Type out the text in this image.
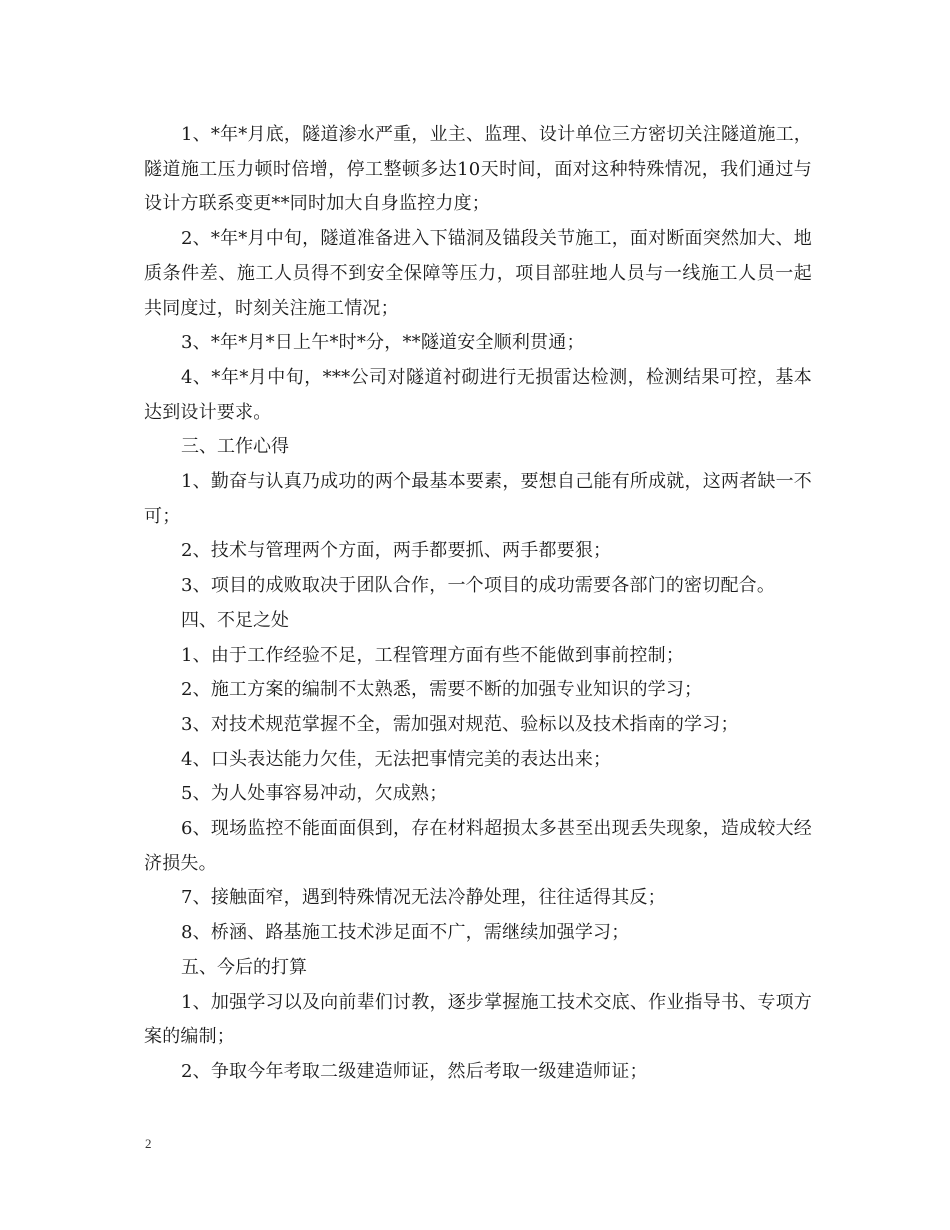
1、*年*月底，隧道渗水严重，业主、监理、设计单位三方密切关注隧道施工，隧道施工压力顿时倍增，停工整顿多达10天时间，面对这种特殊情况，我们通过与设计方联系变更**同时加大自身监控力度；

2、*年*月中旬，隧道准备进入下锚洞及锚段关节施工，面对断面突然加大、地质条件差、施工人员得不到安全保障等压力，项目部驻地人员与一线施工人员一起共同度过，时刻关注施工情况；

3、*年*月*日上午*时*分，**隧道安全顺利贯通；

4、*年*月中旬，***公司对隧道衬砌进行无损雷达检测，检测结果可控，基本达到设计要求。

三、工作心得

1、勤奋与认真乃成功的两个最基本要素，要想自己能有所成就，这两者缺一不可；

2、技术与管理两个方面，两手都要抓、两手都要狠；

3、项目的成败取决于团队合作，一个项目的成功需要各部门的密切配合。

四、不足之处

1、由于工作经验不足，工程管理方面有些不能做到事前控制；

2、施工方案的编制不太熟悉，需要不断的加强专业知识的学习；

3、对技术规范掌握不全，需加强对规范、验标以及技术指南的学习；

4、口头表达能力欠佳，无法把事情完美的表达出来；

5、为人处事容易冲动，欠成熟；

6、现场监控不能面面俱到，存在材料超损太多甚至出现丢失现象，造成较大经济损失。

7、接触面窄，遇到特殊情况无法冷静处理，往往适得其反；

8、桥涵、路基施工技术涉足面不广，需继续加强学习；

五、今后的打算

1、加强学习以及向前辈们讨教，逐步掌握施工技术交底、作业指导书、专项方案的编制；

2、争取今年考取二级建造师证，然后考取一级建造师证；

2
